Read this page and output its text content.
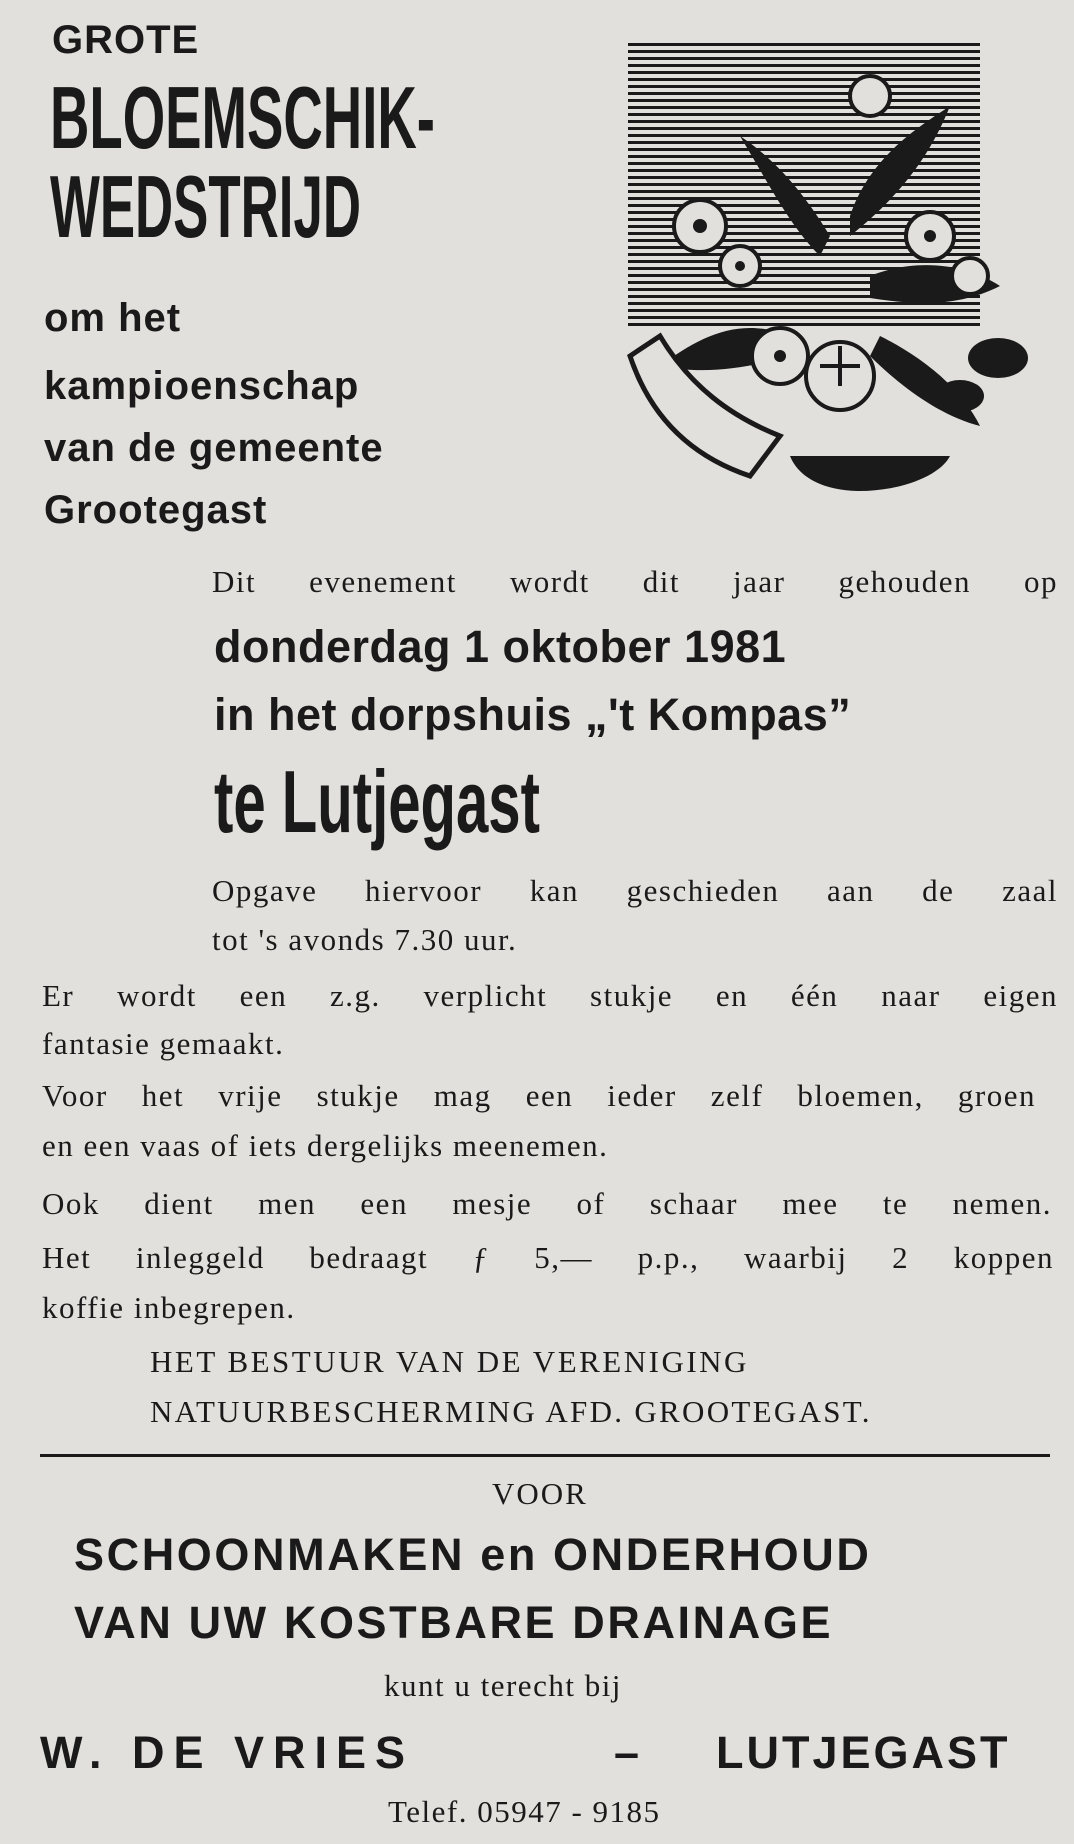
GROTE
BLOEMSCHIK-
WEDSTRIJD
om het
kampioenschap
van de gemeente
Grootegast
Dit evenement wordt dit jaar gehouden op
donderdag 1 oktober 1981
in het dorpshuis „'t Kompas”
te Lutjegast
Opgave hiervoor kan geschieden aan de zaal
tot 's avonds 7.30 uur.
Er wordt een z.g. verplicht stukje en één naar eigen
fantasie gemaakt.
Voor het vrije stukje mag een ieder zelf bloemen, groen
en een vaas of iets dergelijks meenemen.
Ook dient men een mesje of schaar mee te nemen.
Het inleggeld bedraagt ƒ 5,— p.p., waarbij 2 koppen
koffie inbegrepen.
HET BESTUUR VAN DE VERENIGING
NATUURBESCHERMING AFD. GROOTEGAST.
VOOR
SCHOONMAKEN en ONDERHOUD
VAN UW KOSTBARE DRAINAGE
kunt u terecht bij
W. DE VRIES	– LUTJEGAST
Telef. 05947 - 9185
